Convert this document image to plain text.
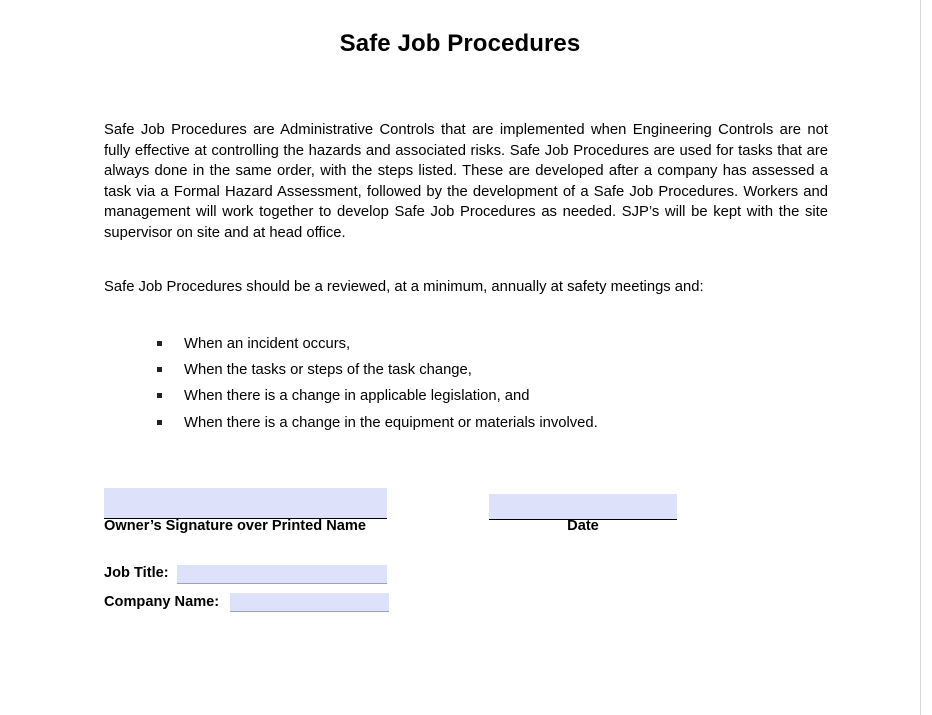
Safe Job Procedures
Safe Job Procedures are Administrative Controls that are implemented when Engineering Controls are not fully effective at controlling the hazards and associated risks. Safe Job Procedures are used for tasks that are always done in the same order, with the steps listed. These are developed after a company has assessed a task via a Formal Hazard Assessment, followed by the development of a Safe Job Procedures. Workers and management will work together to develop Safe Job Procedures as needed. SJP’s will be kept with the site supervisor on site and at head office.
Safe Job Procedures should be a reviewed, at a minimum, annually at safety meetings and:
When an incident occurs,
When the tasks or steps of the task change,
When there is a change in applicable legislation, and
When there is a change in the equipment or materials involved.
Owner’s Signature over Printed Name	Date
Job Title:
Company Name:
